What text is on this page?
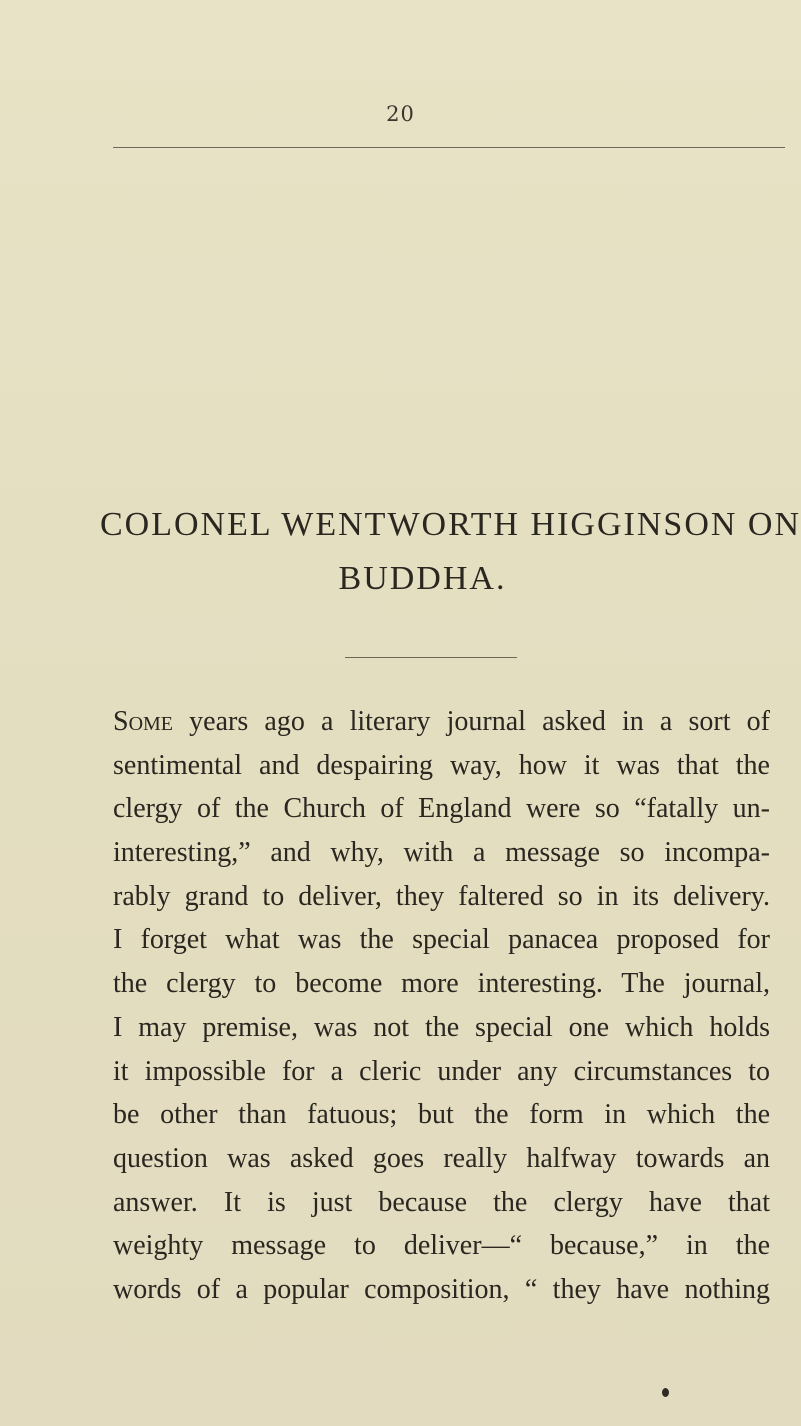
20
COLONEL WENTWORTH HIGGINSON ON
BUDDHA.
Some years ago a literary journal asked in a sort of
sentimental and despairing way, how it was that the
clergy of the Church of England were so “fatally un-
interesting,” and why, with a message so incompa-
rably grand to deliver, they faltered so in its delivery.
I forget what was the special panacea proposed for
the clergy to become more interesting. The journal,
I may premise, was not the special one which holds
it impossible for a cleric under any circumstances to
be other than fatuous; but the form in which the
question was asked goes really halfway towards an
answer. It is just because the clergy have that
weighty message to deliver—“ because,” in the
words of a popular composition, “ they have nothing
